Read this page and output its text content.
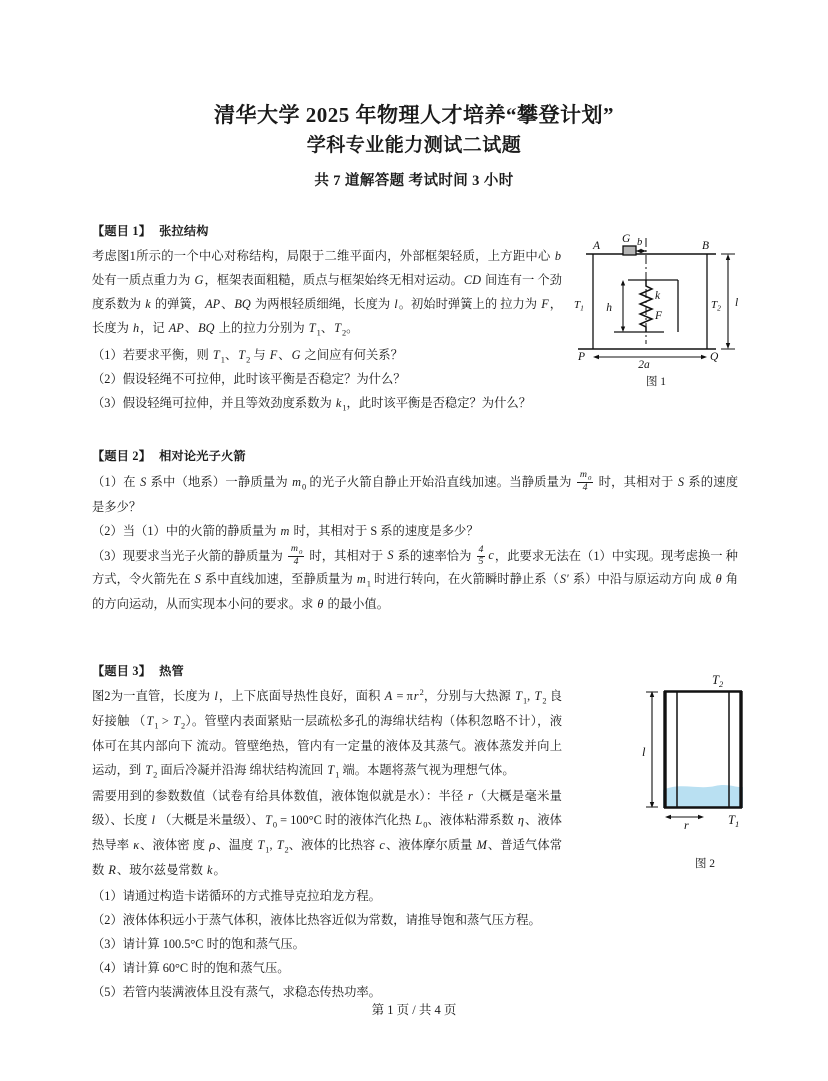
清华大学 2025 年物理人才培养“攀登计划”
学科专业能力测试二试题
共 7 道解答题 考试时间 3 小时
【题目 1】 张拉结构

考虑图1所示的一个中心对称结构，局限于二维平面内，外部框架轻质，上方距中心 b 处有一质点重力为 G，框架表面粗糙，质点与框架始终无相对运动。CD 间连有一 个劲度系数为 k 的弹簧，AP、BQ 为两根轻质细绳，长度为 l。初始时弹簧上的 拉力为 F，长度为 h，记 AP、BQ 上的拉力分别为 $T_1$、$T_2$。

（1）若要求平衡，则 $T_1$、$T_2$ 与 F、G 之间应有何关系？

（2）假设轻绳不可拉伸，此时该平衡是否稳定？为什么？

（3）假设轻绳可拉伸，并且等效劲度系数为 $k_1$，此时该平衡是否稳定？为什么？

A	B
G b
P	Q
$T_1$	$T_2$ l
2a
k
F
h
图 1
【题目 2】 相对论光子火箭

（1）在 S 系中（地系）一静质量为 $m_0$ 的光子火箭自静止开始沿直线加速。当静质量为 $\frac{m_0}{4}$ 时，其相对于 S 系的速度是多少？

（2）当（1）中的火箭的静质量为 m 时，其相对于 S 系的速度是多少？

（3）现要求当光子火箭的静质量为 $\frac{m_0}{4}$ 时，其相对于 S 系的速率恰为 $\frac{4}{5}$ c，此要求无法在（1）中实现。现考虑换一 种方式，令火箭先在 S 系中直线加速，至静质量为 $m_1$ 时进行转向，在火箭瞬时静止系（S′ 系）中沿与原运动方向 成 θ 角的方向运动，从而实现本小问的要求。求 θ 的最小值。

【题目 3】 热管

图2为一直管，长度为 l，上下底面导热性良好，面积 $A = \pi r^2$，分别与大热源 $T_1$, $T_2$ 良好接触 $(T_1 > T_2)$。管壁内表面紧贴一层疏松多孔的海绵状结构（体积忽略不计），液体可在其内部向下 流动。管壁绝热，管内有一定量的液体及其蒸气。液体蒸发并向上运动，到 $T_2$ 面后冷凝并沿海 绵状结构流回 $T_1$ 端。本题将蒸气视为理想气体。

需要用到的参数数值（试卷有给具体数值，液体饱似就是水）：半径 r（大概是毫米量级）、长度 l （大概是米量级）、$T_0 = 100^\circ C$ 时的液体汽化热 $L_0$、液体粘滞系数 η、液体热导率 κ、液体密 度 ρ、温度 $T_1$, $T_2$、液体的比热容 c、液体摩尔质量 M、普适气体常数 R、玻尔兹曼常数 k。

（1）请通过构造卡诺循环的方式推导克拉珀龙方程。

（2）液体体积远小于蒸气体积，液体比热容近似为常数，请推导饱和蒸气压方程。

（3）请计算 100.5°C 时的饱和蒸气压。

（4）请计算 60°C 时的饱和蒸气压。

（5）若管内装满液体且没有蒸气，求稳态传热功率。

$T_2$
$T_1$
l
r
图 2
第 1 页 / 共 4 页
